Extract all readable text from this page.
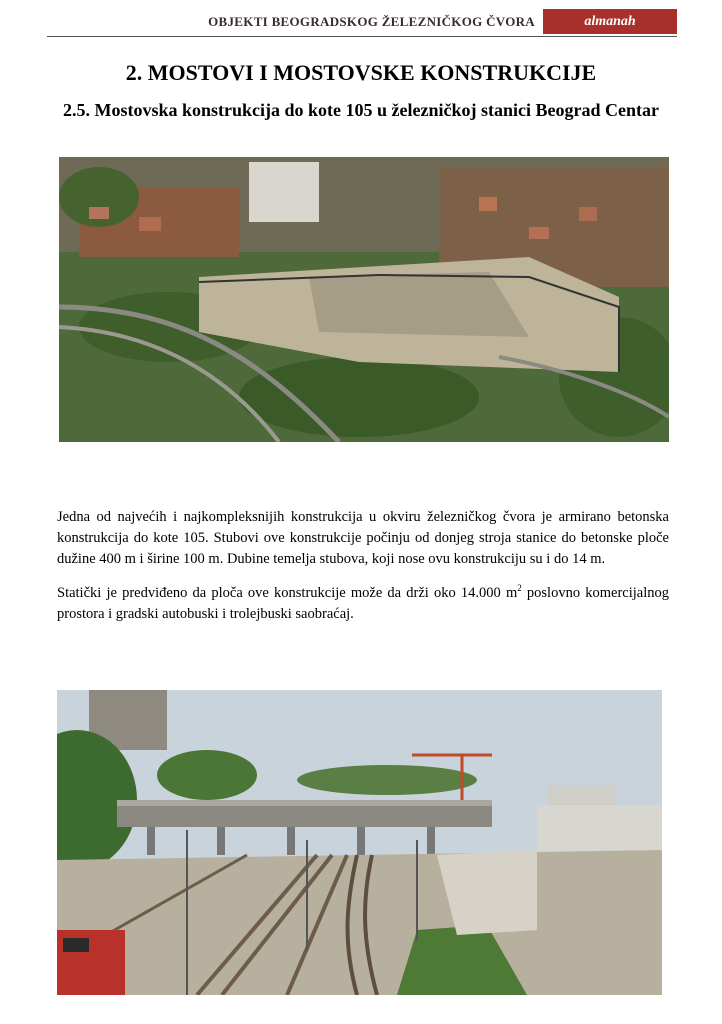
OBJEKTI BEOGRADSKOG ŽELEZNIČKOG ČVORA	almanah
2. MOSTOVI I MOSTOVSKE KONSTRUKCIJE
2.5. Mostovska konstrukcija do kote 105 u železničkoj stanici Beograd Centar

Jedna od najvećih i najkompleksnijih konstrukcija u okviru železničkog čvora je armirano betonska konstrukcija do kote 105. Stubovi ove konstrukcije počinju od donjeg stroja stanice do betonske ploče dužine 400 m i širine 100 m. Dubine temelja stubova, koji nose ovu konstrukciju su i do 14 m.

Statički je predviđeno da ploča ove konstrukcije može da drži oko 14.000 $m^2$ poslovno komercijalnog prostora i gradski autobuski i trolejbuski saobraćaj.
